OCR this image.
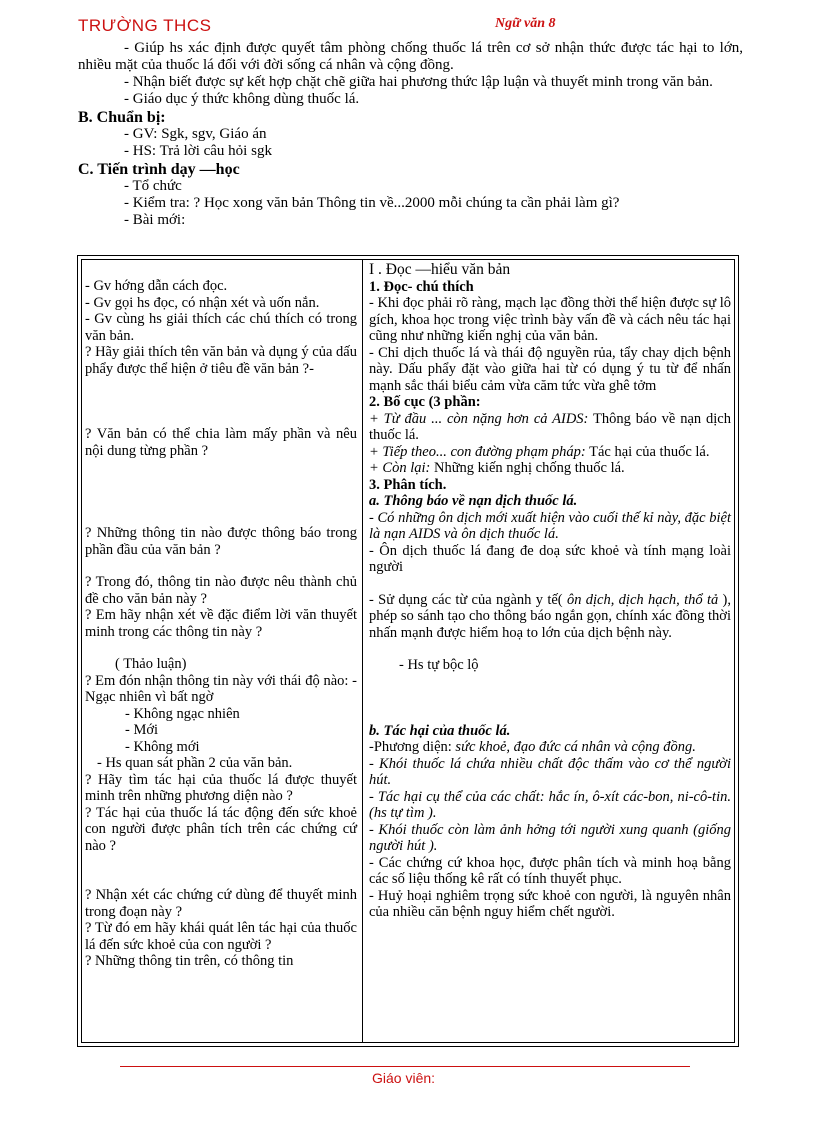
TRƯỜNG THCS	Ngữ văn 8

- Giúp hs xác định được quyết tâm phòng chống thuốc lá trên cơ sở nhận thức được tác hại to lớn, nhiều mặt của thuốc lá đối với đời sống cá nhân và cộng đồng.

- Nhận biết được sự kết hợp chặt chẽ giữa hai phương thức lập luận và thuyết minh trong văn bản.

- Giáo dục ý thức không dùng thuốc lá.

B. Chuẩn bị:

- GV: Sgk, sgv, Giáo án

- HS: Trả lời câu hỏi sgk

C. Tiến trình dạy —học

- Tổ chức

- Kiểm tra: ? Học xong văn bản Thông tin về...2000 mỗi chúng ta cần phải làm gì?

- Bài mới:

- Gv hớng dẫn cách đọc.

- Gv gọi hs đọc, có nhận xét và uốn nắn.

- Gv cùng hs giải thích các chú thích có trong văn bản.

? Hãy giải thích tên văn bản và dụng ý của dấu phẩy được thể hiện ở tiêu đề văn bản ?-

? Văn bản có thể chia làm mấy phần và nêu nội dung từng phần ?

? Những thông tin nào được thông báo trong phần đầu của văn bản ?

? Trong đó, thông tin nào được nêu thành chủ đề cho văn bản này ?

? Em hãy nhận xét về đặc điểm lời văn thuyết minh trong các thông tin này ?

( Thảo luận)

? Em đón nhận thông tin này với thái độ nào: - Ngạc nhiên vì bất ngờ

- Không ngạc nhiên

- Mới

- Không mới

- Hs quan sát phần 2 của văn bản.

? Hãy tìm tác hại của thuốc lá được thuyết minh trên những phương diện nào ?

? Tác hại của thuốc lá tác động đến sức khoẻ con người được phân tích trên các chứng cứ nào ?

? Nhận xét các chứng cứ dùng để thuyết minh trong đoạn này ?

? Từ đó em hãy khái quát lên tác hại của thuốc lá đến sức khoẻ của con người ?

? Những thông tin trên, có thông tin

I . Đọc —hiểu văn bản

1. Đọc- chú thích

- Khi đọc phải rõ ràng, mạch lạc đồng thời thể hiện được sự lô gích, khoa học trong việc trình bày vấn đề và cách nêu tác hại cũng như những kiến nghị của văn bản.

- Chỉ dịch thuốc lá và thái độ nguyền rủa, tẩy chay dịch bệnh này. Dấu phẩy đặt vào giữa hai từ có dụng ý tu từ để nhấn mạnh sắc thái biểu cảm vừa căm tức vừa ghê tởm

2. Bố cục (3 phần:

+ Từ đầu ... còn nặng hơn cả AIDS: Thông báo về nạn dịch thuốc lá.

+ Tiếp theo... con đường phạm pháp: Tác hại của thuốc lá.

+ Còn lại: Những kiến nghị chống thuốc lá.

3. Phân tích.

a. Thông báo về nạn dịch thuốc lá.

- Có những ôn dịch mới xuất hiện vào cuối thế kỉ này, đặc biệt là nạn AIDS và ôn dịch thuốc lá.

- Ôn dịch thuốc lá đang đe doạ sức khoẻ và tính mạng loài người

- Sử dụng các từ của ngành y tế( ôn dịch, dịch hạch, thổ tả ), phép so sánh tạo cho thông báo ngắn gọn, chính xác đồng thời nhấn mạnh được hiểm hoạ to lớn của dịch bệnh này.

- Hs tự bộc lộ

b. Tác hại của thuốc lá.

-Phương diện: sức khoẻ, đạo đức cá nhân và cộng đồng.

- Khói thuốc lá chứa nhiều chất độc thấm vào cơ thể người hút.

- Tác hại cụ thể của các chất: hắc ín, ô-xít các-bon, ni-cô-tin. (hs tự tìm ).

- Khói thuốc còn làm ảnh hởng tới người xung quanh (giống người hút ).

- Các chứng cứ khoa học, được phân tích và minh hoạ bằng các số liệu thống kê rất có tính thuyết phục.

- Huỷ hoại nghiêm trọng sức khoẻ con người, là nguyên nhân của nhiều căn bệnh nguy hiểm chết người.

Giáo viên:
